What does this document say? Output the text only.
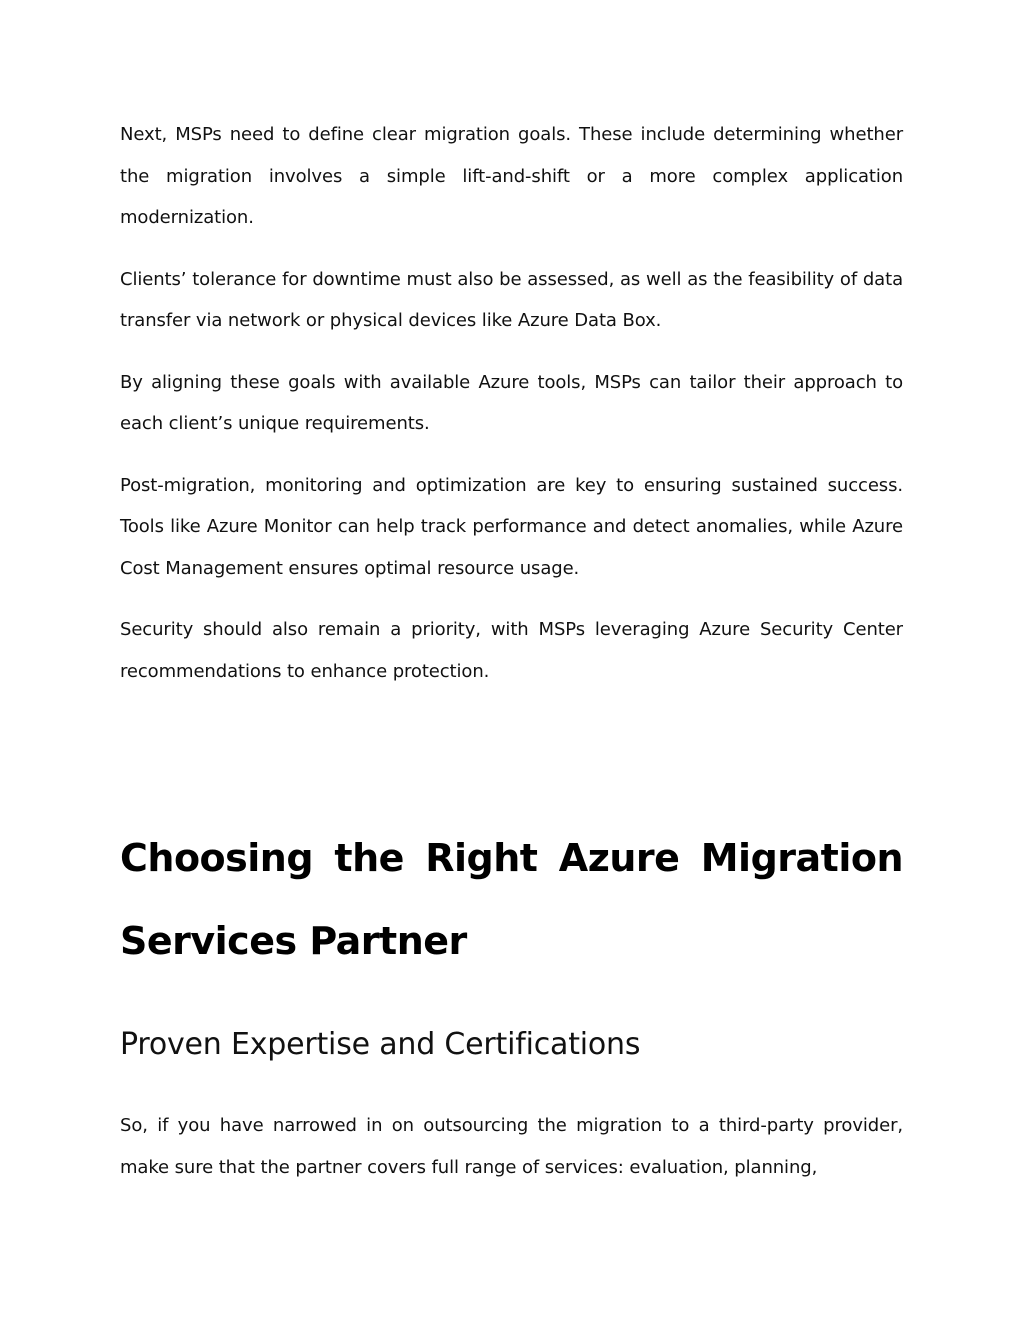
Next, MSPs need to define clear migration goals. These include determining whether the migration involves a simple lift-and-shift or a more complex application modernization.

Clients’ tolerance for downtime must also be assessed, as well as the feasibility of data transfer via network or physical devices like Azure Data Box.

By aligning these goals with available Azure tools, MSPs can tailor their approach to each client’s unique requirements.

Post-migration, monitoring and optimization are key to ensuring sustained success. Tools like Azure Monitor can help track performance and detect anomalies, while Azure Cost Management ensures optimal resource usage.

Security should also remain a priority, with MSPs leveraging Azure Security Center recommendations to enhance protection.

Choosing the Right Azure Migration Services Partner
Proven Expertise and Certifications

So, if you have narrowed in on outsourcing the migration to a third-party provider, make sure that the partner covers full range of services: evaluation, planning,
